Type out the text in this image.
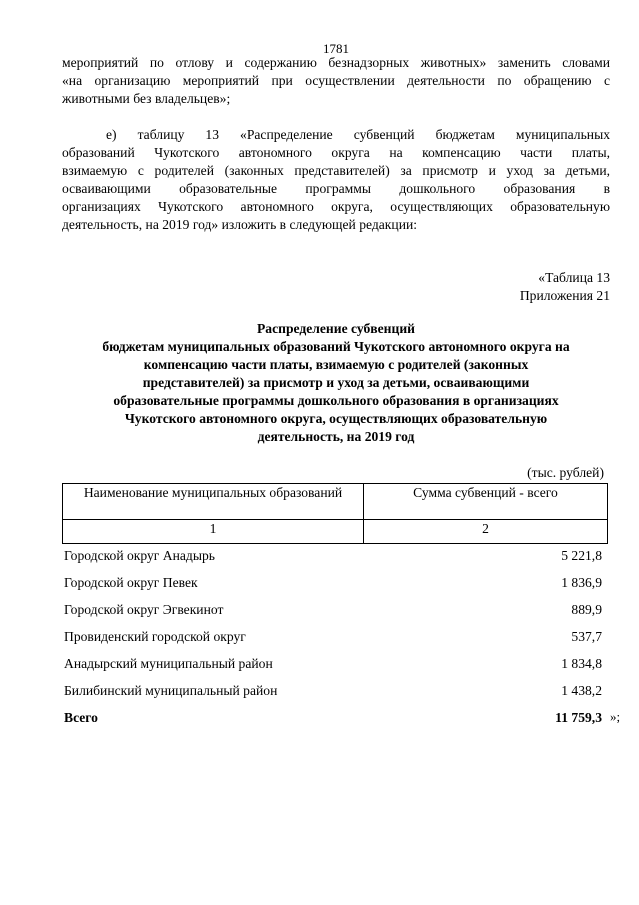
1781
мероприятий по отлову и содержанию безнадзорных животных» заменить словами
«на организацию мероприятий при осуществлении деятельности по обращению с
животными без владельцев»;
е) таблицу 13 «Распределение субвенций бюджетам муниципальных
образований Чукотского автономного округа на компенсацию части платы,
взимаемую с родителей (законных представителей) за присмотр и уход за детьми,
осваивающими образовательные программы дошкольного образования в
организациях Чукотского автономного округа, осуществляющих образовательную
деятельность, на 2019 год» изложить в следующей редакции:
«Таблица 13
Приложения 21
Распределение субвенций
бюджетам муниципальных образований Чукотского автономного округа на
компенсацию части платы, взимаемую с родителей (законных
представителей) за присмотр и уход за детьми, осваивающими
образовательные программы дошкольного образования в организациях
Чукотского автономного округа, осуществляющих образовательную
деятельность, на 2019 год
(тыс. рублей)
Наименование муниципальных образований	Сумма субвенций - всего
1	2
Городской округ Анадырь	5 221,8
Городской округ Певек	1 836,9
Городской округ Эгвекинот	889,9
Провиденский городской округ	537,7
Анадырский муниципальный район	1 834,8
Билибинский муниципальный район	1 438,2
Всего	11 759,3 »;
